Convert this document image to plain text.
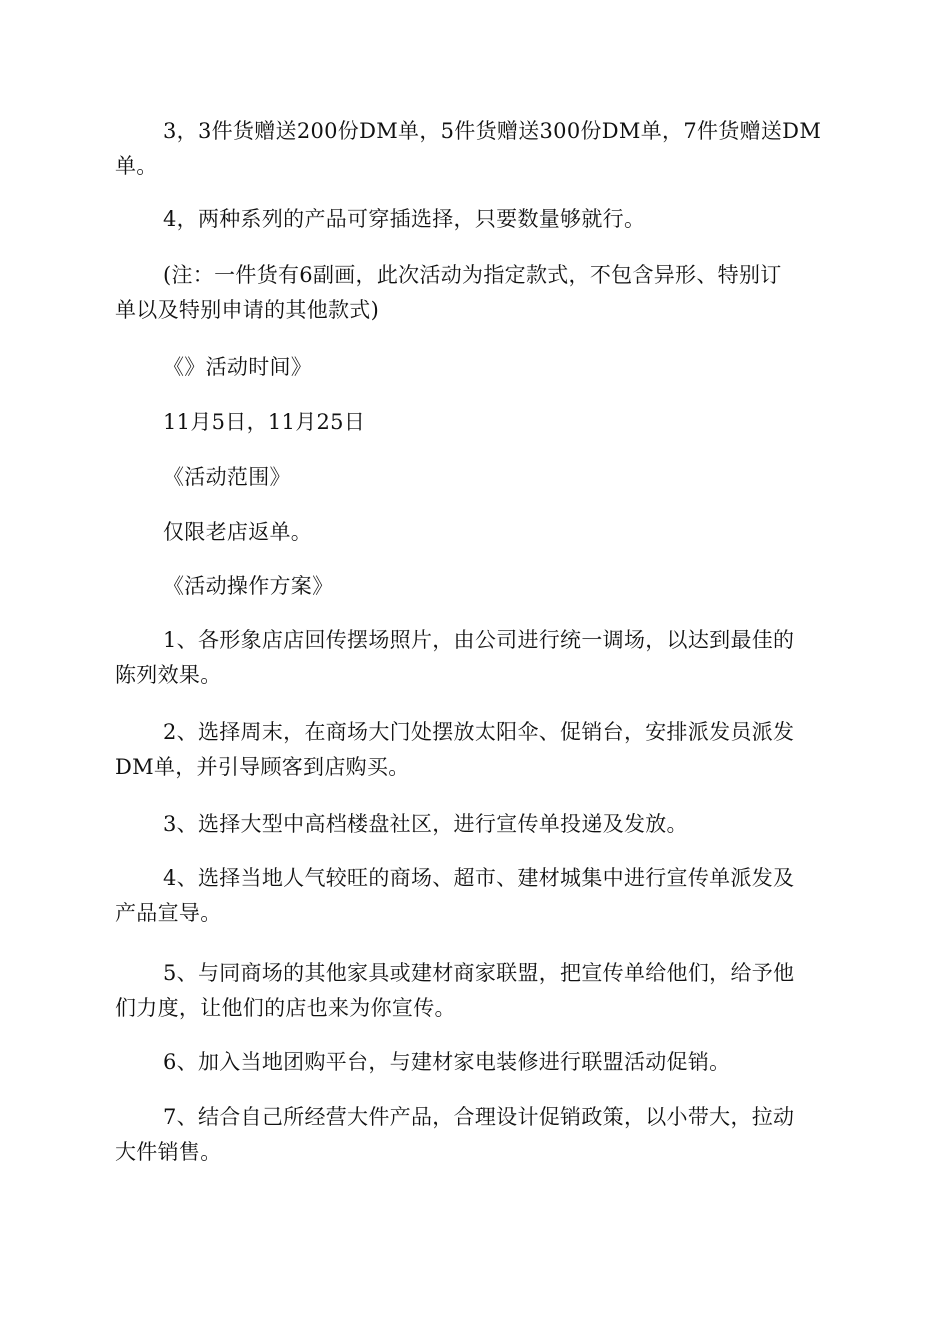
3，3件货赠送200份DM单，5件货赠送300份DM单，7件货赠送DM
单。

4，两种系列的产品可穿插选择，只要数量够就行。

(注：一件货有6副画，此次活动为指定款式，不包含异形、特别订
单以及特别申请的其他款式)

《》活动时间》

11月5日，11月25日

《活动范围》

仅限老店返单。

《活动操作方案》

1、各形象店店回传摆场照片，由公司进行统一调场，以达到最佳的
陈列效果。

2、选择周末，在商场大门处摆放太阳伞、促销台，安排派发员派发
DM单，并引导顾客到店购买。

3、选择大型中高档楼盘社区，进行宣传单投递及发放。

4、选择当地人气较旺的商场、超市、建材城集中进行宣传单派发及
产品宣导。

5、与同商场的其他家具或建材商家联盟，把宣传单给他们，给予他
们力度，让他们的店也来为你宣传。

6、加入当地团购平台，与建材家电装修进行联盟活动促销。

7、结合自己所经营大件产品，合理设计促销政策，以小带大，拉动
大件销售。
